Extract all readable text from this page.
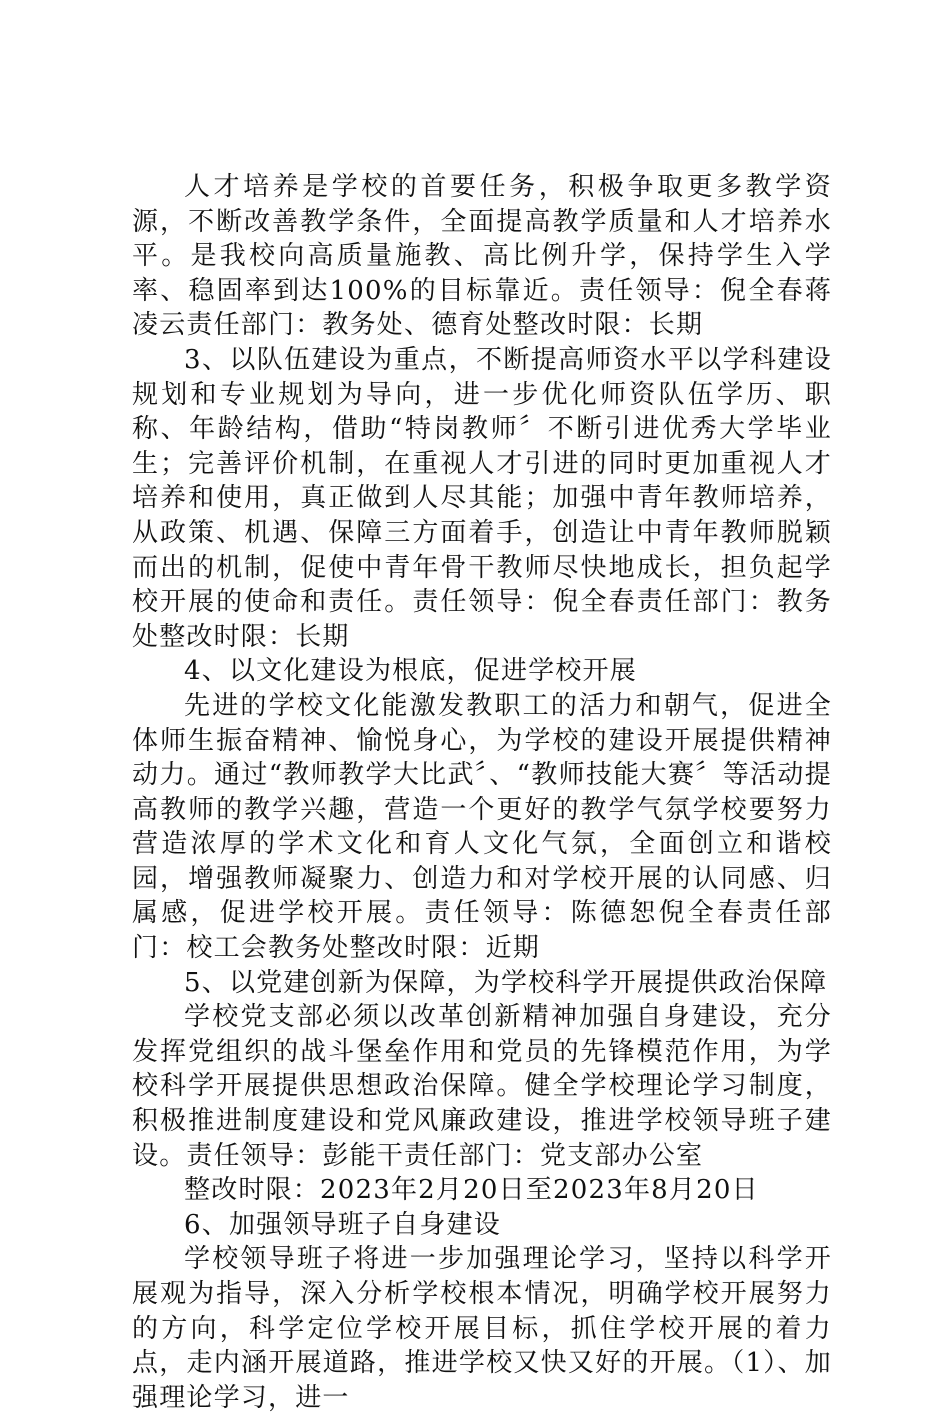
人才培养是学校的首要任务，积极争取更多教学资源，不断改善教学条件，全面提高教学质量和人才培养水平。是我校向高质量施教、高比例升学，保持学生入学率、稳固率到达100%的目标靠近。责任领导：倪全春蒋凌云责任部门：教务处、德育处整改时限：长期

3、以队伍建设为重点，不断提高师资水平以学科建设规划和专业规划为导向，进一步优化师资队伍学历、职称、年龄结构，借助“特岗教师〞不断引进优秀大学毕业生；完善评价机制，在重视人才引进的同时更加重视人才培养和使用，真正做到人尽其能；加强中青年教师培养，从政策、机遇、保障三方面着手，创造让中青年教师脱颖而出的机制，促使中青年骨干教师尽快地成长，担负起学校开展的使命和责任。责任领导：倪全春责任部门：教务处整改时限：长期

4、以文化建设为根底，促进学校开展

先进的学校文化能激发教职工的活力和朝气，促进全体师生振奋精神、愉悦身心，为学校的建设开展提供精神动力。通过“教师教学大比武〞、“教师技能大赛〞等活动提高教师的教学兴趣，营造一个更好的教学气氛学校要努力营造浓厚的学术文化和育人文化气氛，全面创立和谐校园，增强教师凝聚力、创造力和对学校开展的认同感、归属感，促进学校开展。责任领导：陈德恕倪全春责任部门：校工会教务处整改时限：近期

5、以党建创新为保障，为学校科学开展提供政治保障

学校党支部必须以改革创新精神加强自身建设，充分发挥党组织的战斗堡垒作用和党员的先锋模范作用，为学校科学开展提供思想政治保障。健全学校理论学习制度，积极推进制度建设和党风廉政建设，推进学校领导班子建设。责任领导：彭能干责任部门：党支部办公室

整改时限：2023年2月20日至2023年8月20日

6、加强领导班子自身建设

学校领导班子将进一步加强理论学习，坚持以科学开展观为指导，深入分析学校根本情况，明确学校开展努力的方向，科学定位学校开展目标，抓住学校开展的着力点，走内涵开展道路，推进学校又快又好的开展。（1）、加强理论学习，进一
